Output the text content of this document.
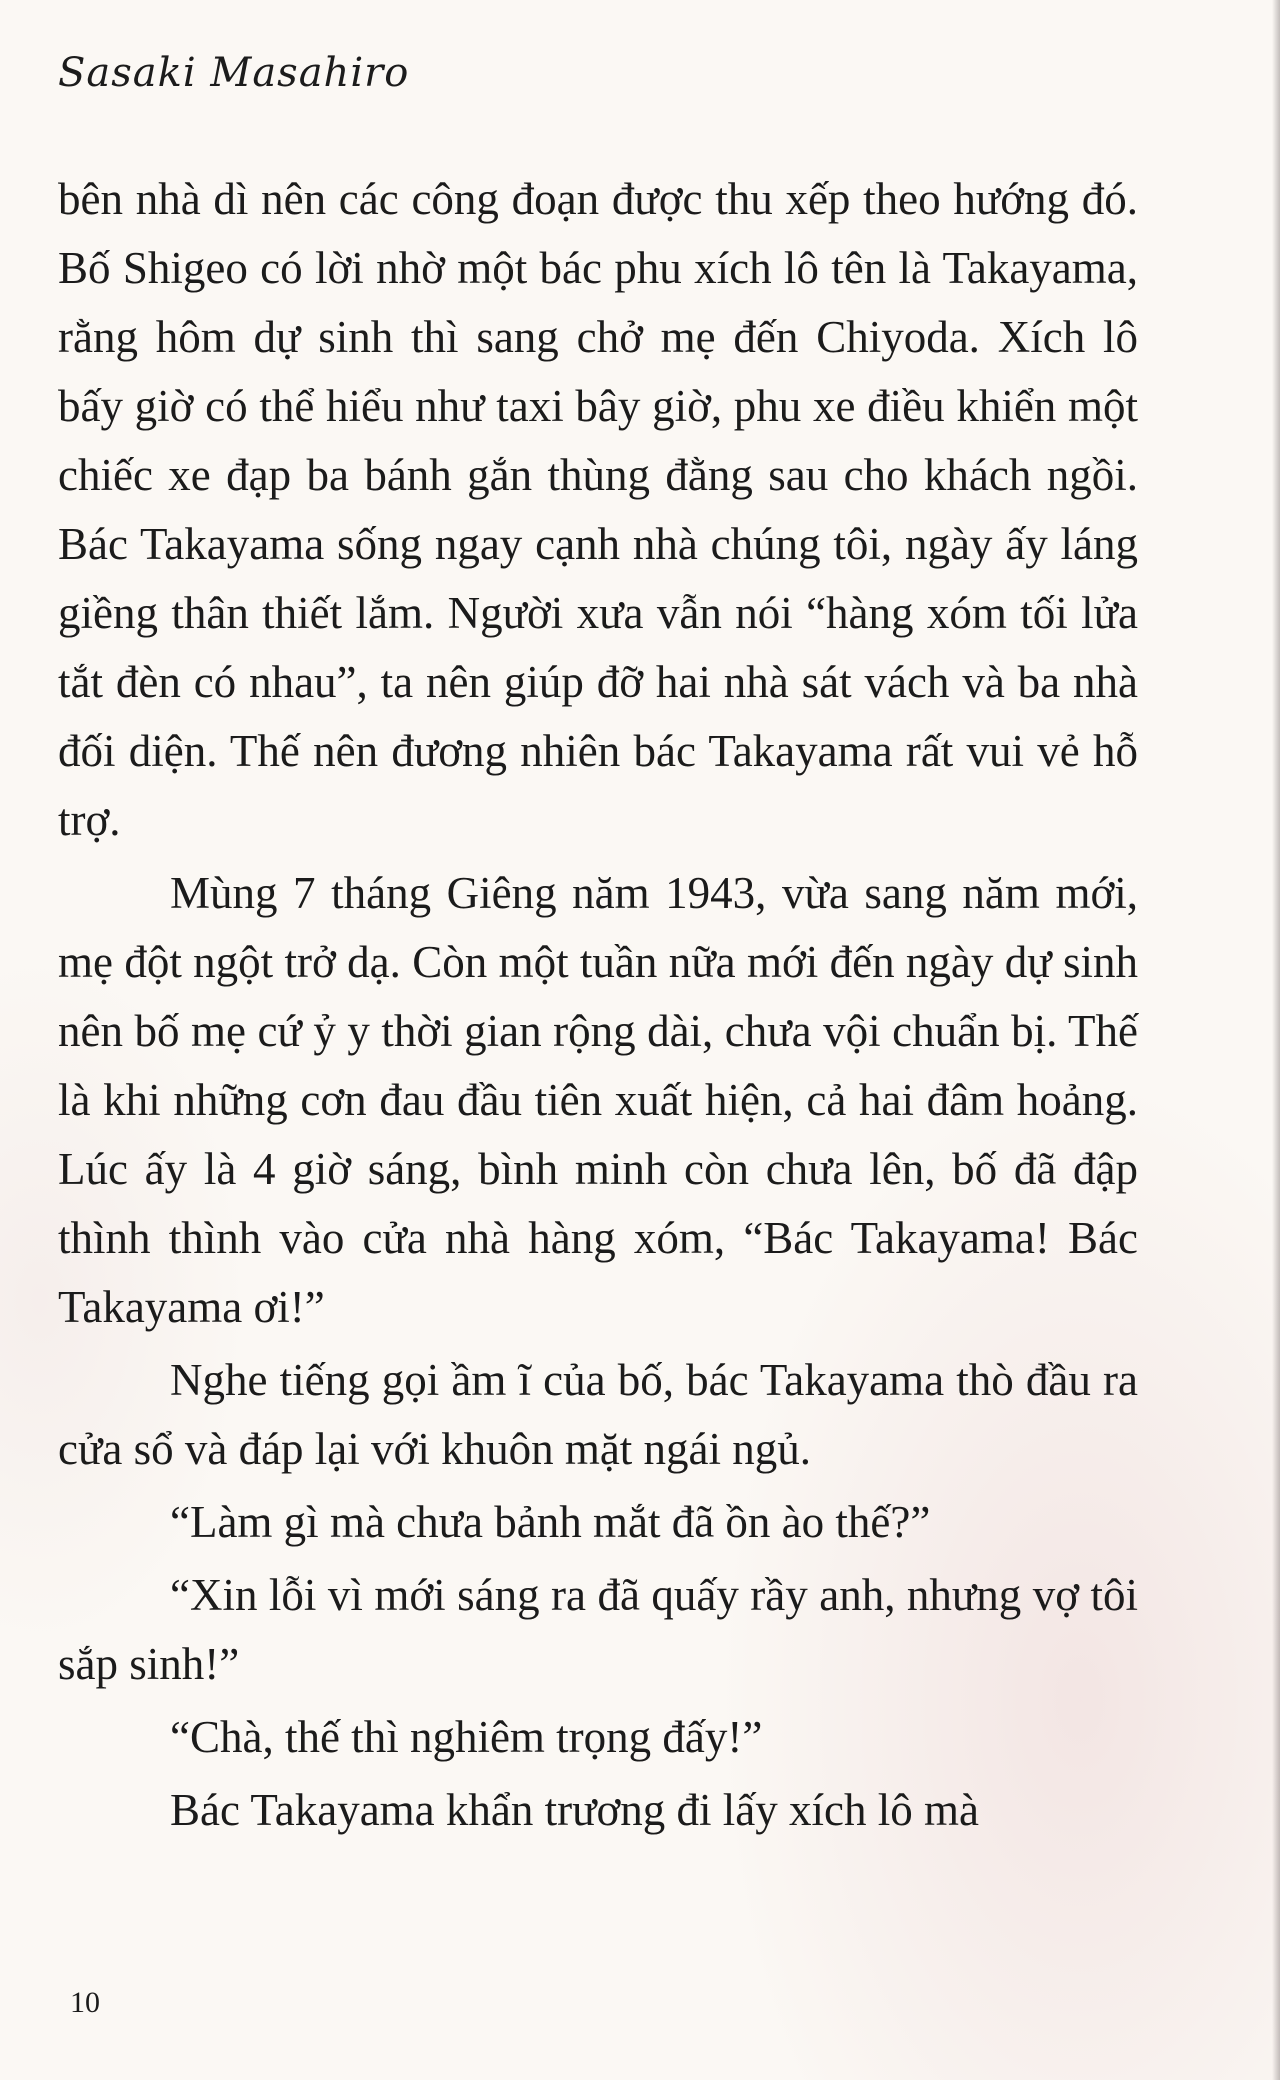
Sasaki Masahiro

bên nhà dì nên các công đoạn được thu xếp theo hướng đó. Bố Shigeo có lời nhờ một bác phu xích lô tên là Takayama, rằng hôm dự sinh thì sang chở mẹ đến Chiyoda. Xích lô bấy giờ có thể hiểu như taxi bây giờ, phu xe điều khiển một chiếc xe đạp ba bánh gắn thùng đằng sau cho khách ngồi. Bác Takayama sống ngay cạnh nhà chúng tôi, ngày ấy láng giềng thân thiết lắm. Người xưa vẫn nói “hàng xóm tối lửa tắt đèn có nhau”, ta nên giúp đỡ hai nhà sát vách và ba nhà đối diện. Thế nên đương nhiên bác Takayama rất vui vẻ hỗ trợ.

Mùng 7 tháng Giêng năm 1943, vừa sang năm mới, mẹ đột ngột trở dạ. Còn một tuần nữa mới đến ngày dự sinh nên bố mẹ cứ ỷ y thời gian rộng dài, chưa vội chuẩn bị. Thế là khi những cơn đau đầu tiên xuất hiện, cả hai đâm hoảng. Lúc ấy là 4 giờ sáng, bình minh còn chưa lên, bố đã đập thình thình vào cửa nhà hàng xóm, “Bác Takayama! Bác Takayama ơi!”

Nghe tiếng gọi ầm ĩ của bố, bác Takayama thò đầu ra cửa sổ và đáp lại với khuôn mặt ngái ngủ.

“Làm gì mà chưa bảnh mắt đã ồn ào thế?”

“Xin lỗi vì mới sáng ra đã quấy rầy anh, nhưng vợ tôi sắp sinh!”

“Chà, thế thì nghiêm trọng đấy!”

Bác Takayama khẩn trương đi lấy xích lô mà

10
